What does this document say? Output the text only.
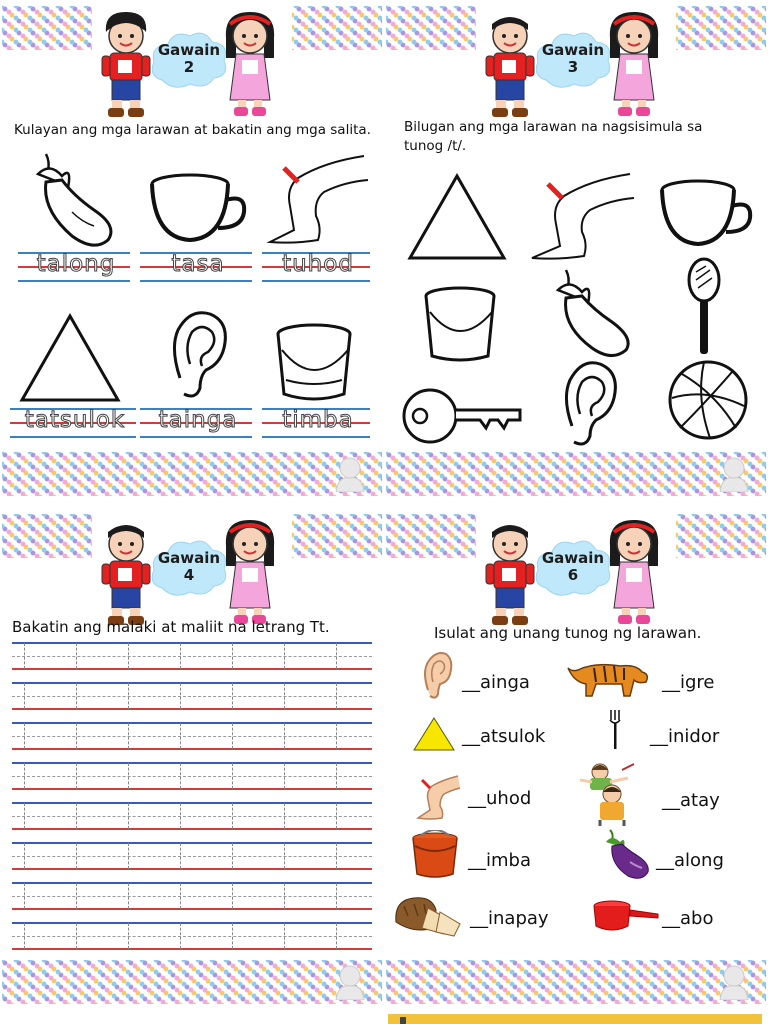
Gawain
2
Kulayan ang mga larawan at bakatin ang mga salita.
talong	tasa	tuhod
tatsulok	tainga	timba
Gawain
3
Bilugan ang mga larawan na nagsisimula sa
tunog /t/.
Gawain
4
Bakatin ang malaki at maliit na letrang Tt.
Gawain
6
Isulat ang unang tunog ng larawan.
__ainga	__igre
__atsulok	__inidor
__uhod	__atay
__imba	__along
__inapay	__abo
